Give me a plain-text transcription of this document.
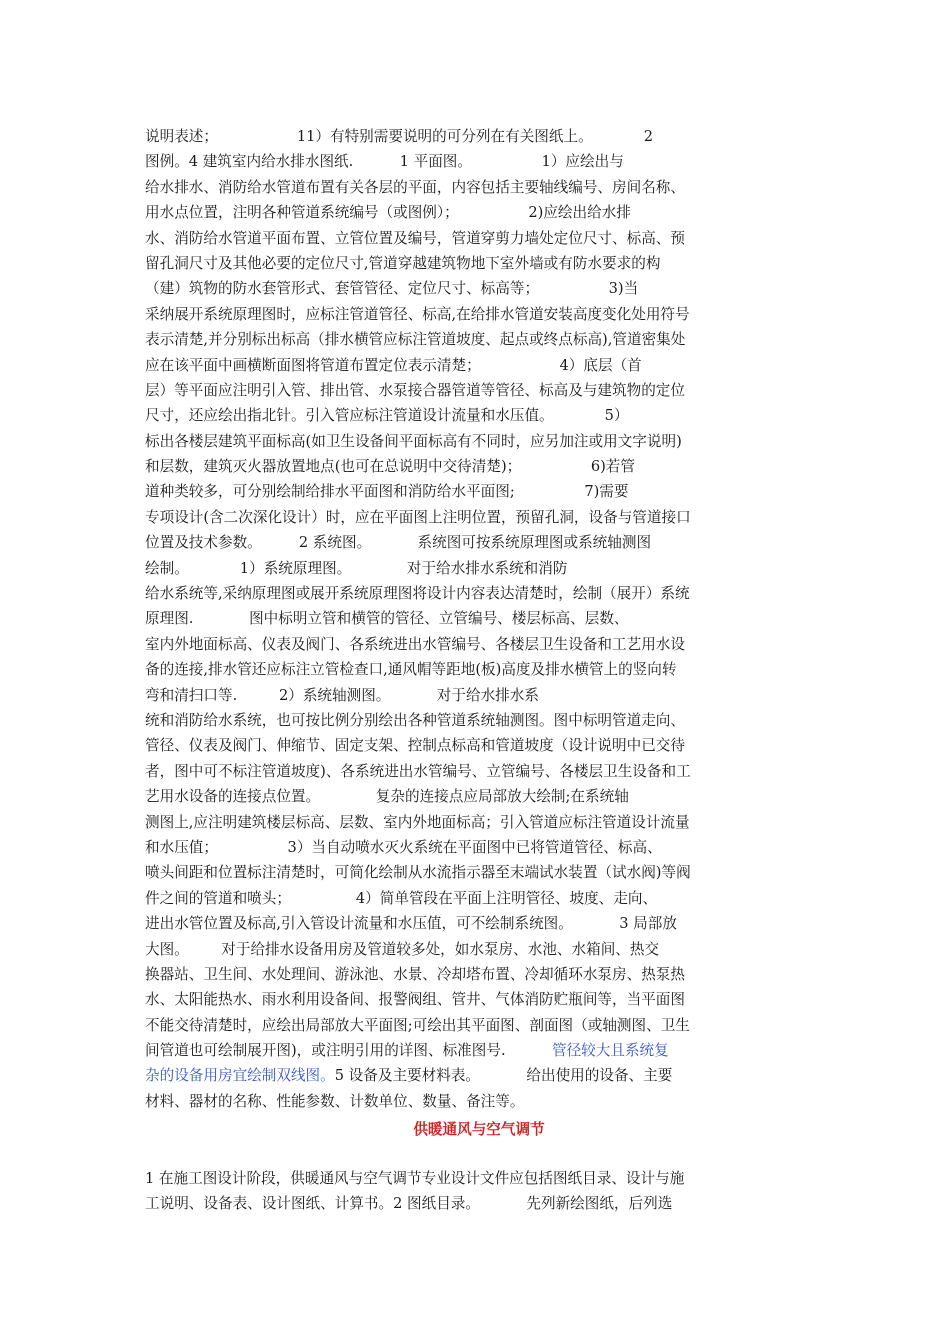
说明表述；                 11）有特别需要说明的可分列在有关图纸上。           2
图例。4 建筑室内给水排水图纸.          1 平面图。               1）应绘出与
给水排水、消防给水管道布置有关各层的平面，内容包括主要轴线编号、房间名称、
用水点位置，注明各种管道系统编号（或图例）；               2)应绘出给水排
水、消防给水管道平面布置、立管位置及编号，管道穿剪力墙处定位尺寸、标高、预
留孔洞尺寸及其他必要的定位尺寸,管道穿越建筑物地下室外墙或有防水要求的构
（建）筑物的防水套管形式、套管管径、定位尺寸、标高等；               3)当
采纳展开系统原理图时，应标注管道管径、标高,在给排水管道安装高度变化处用符号
表示清楚,并分别标出标高（排水横管应标注管道坡度、起点或终点标高),管道密集处
应在该平面中画横断面图将管道布置定位表示清楚；                 4）底层（首
层）等平面应注明引入管、排出管、水泵接合器管道等管径、标高及与建筑物的定位
尺寸，还应绘出指北针。引入管应标注管道设计流量和水压值。           5）
标出各楼层建筑平面标高(如卫生设备间平面标高有不同时，应另加注或用文字说明)
和层数，建筑灭火器放置地点(也可在总说明中交待清楚)；               6)若管
道种类较多，可分别绘制给排水平面图和消防给水平面图;               7)需要
专项设计(含二次深化设计）时，应在平面图上注明位置，预留孔洞，设备与管道接口
位置及技术参数。        2 系统图。          系统图可按系统原理图或系统轴测图
绘制。           1）系统原理图。            对于给水排水系统和消防
给水系统等,采纳原理图或展开系统原理图将设计内容表达清楚时，绘制（展开）系统
原理图.            图中标明立管和横管的管径、立管编号、楼层标高、层数、
室内外地面标高、仪表及阀门、各系统进出水管编号、各楼层卫生设备和工艺用水设
备的连接,排水管还应标注立管检查口,通风帽等距地(板)高度及排水横管上的竖向转
弯和清扫口等.         2）系统轴测图。          对于给水排水系
统和消防给水系统，也可按比例分别绘出各种管道系统轴测图。图中标明管道走向、
管径、仪表及阀门、伸缩节、固定支架、控制点标高和管道坡度（设计说明中已交待
者，图中可不标注管道坡度)、各系统进出水管编号、立管编号、各楼层卫生设备和工
艺用水设备的连接点位置。            复杂的连接点应局部放大绘制;在系统轴
测图上,应注明建筑楼层标高、层数、室内外地面标高；引入管道应标注管道设计流量
和水压值；               3）当自动喷水灭火系统在平面图中已将管道管径、标高、
喷头间距和位置标注清楚时，可简化绘制从水流指示器至末端试水装置（试水阀)等阀
件之间的管道和喷头；              4）简单管段在平面上注明管径、坡度、走向、
进出水管位置及标高,引入管设计流量和水压值，可不绘制系统图。          3 局部放
大图。       对于给排水设备用房及管道较多处，如水泵房、水池、水箱间、热交
换器站、卫生间、水处理间、游泳池、水景、冷却塔布置、冷却循环水泵房、热泵热
水、太阳能热水、雨水利用设备间、报警阀组、管井、气体消防贮瓶间等，当平面图
不能交待清楚时，应绘出局部放大平面图;可绘出其平面图、剖面图（或轴测图、卫生
间管道也可绘制展开图)，或注明引用的详图、标准图号.          管径较大且系统复
杂的设备用房宜绘制双线图。5 设备及主要材料表。          给出使用的设备、主要
材料、器材的名称、性能参数、计数单位、数量、备注等。
供暖通风与空气调节
1 在施工图设计阶段，供暖通风与空气调节专业设计文件应包括图纸目录、设计与施
工说明、设备表、设计图纸、计算书。2 图纸目录。          先列新绘图纸，后列选
